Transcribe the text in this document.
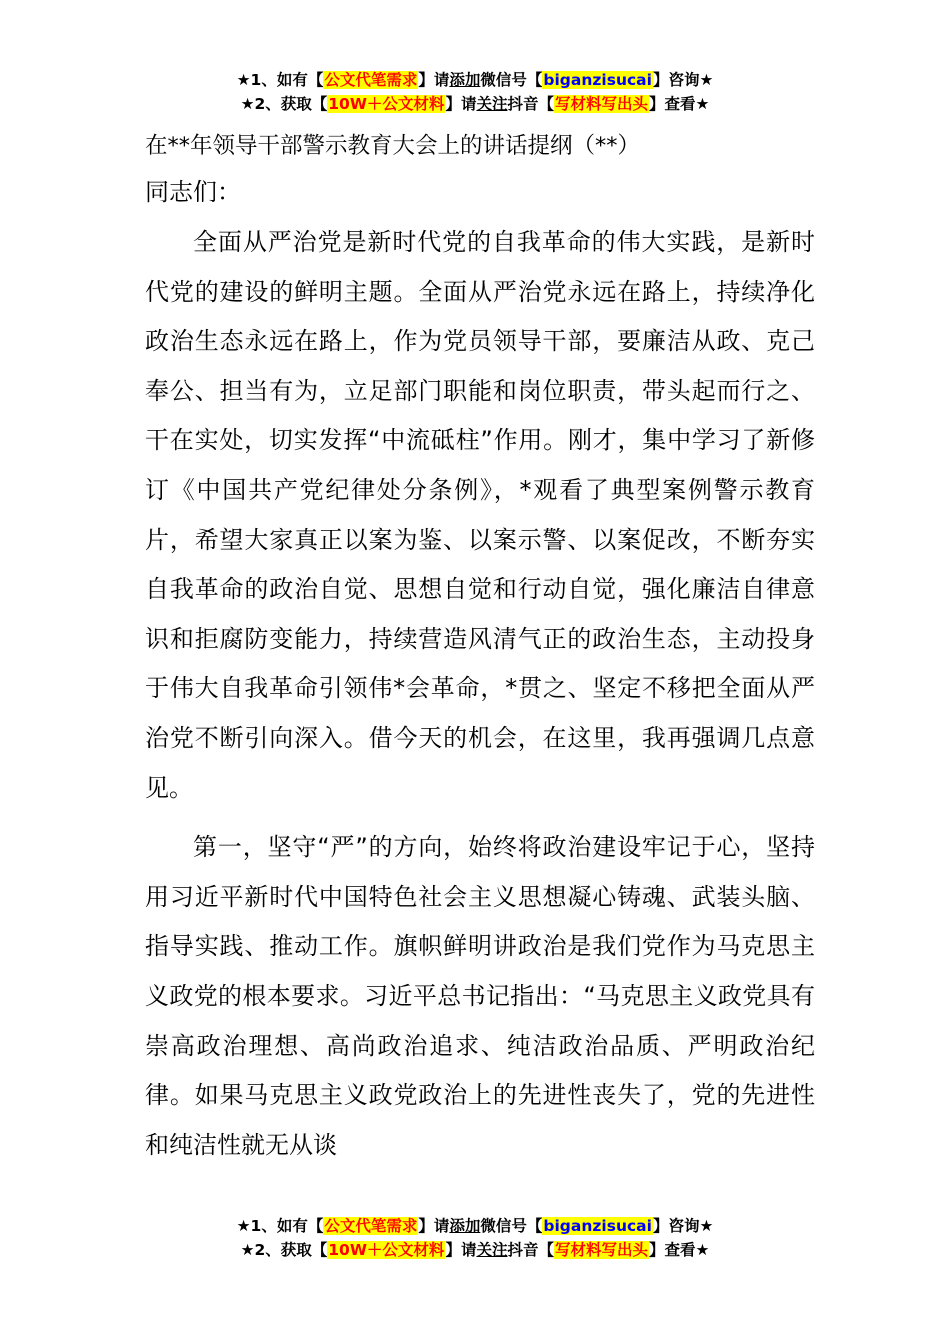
★1、如有【公文代笔需求】请添加微信号【biganzisucai】咨询★
★2、获取【10W＋公文材料】请关注抖音【写材料写出头】查看★
在**年领导干部警示教育大会上的讲话提纲（**）
同志们：

全面从严治党是新时代党的自我革命的伟大实践，是新时代党的建设的鲜明主题。全面从严治党永远在路上，持续净化政治生态永远在路上，作为党员领导干部，要廉洁从政、克己奉公、担当有为，立足部门职能和岗位职责，带头起而行之、干在实处，切实发挥“中流砥柱”作用。刚才，集中学习了新修订《中国共产党纪律处分条例》，*观看了典型案例警示教育片，希望大家真正以案为鉴、以案示警、以案促改，不断夯实自我革命的政治自觉、思想自觉和行动自觉，强化廉洁自律意识和拒腐防变能力，持续营造风清气正的政治生态，主动投身于伟大自我革命引领伟*会革命，*贯之、坚定不移把全面从严治党不断引向深入。借今天的机会，在这里，我再强调几点意见。

第一，坚守“严”的方向，始终将政治建设牢记于心，坚持用习近平新时代中国特色社会主义思想凝心铸魂、武装头脑、指导实践、推动工作。旗帜鲜明讲政治是我们党作为马克思主义政党的根本要求。习近平总书记指出：“马克思主义政党具有崇高政治理想、高尚政治追求、纯洁政治品质、严明政治纪律。如果马克思主义政党政治上的先进性丧失了，党的先进性和纯洁性就无从谈

★1、如有【公文代笔需求】请添加微信号【biganzisucai】咨询★
★2、获取【10W＋公文材料】请关注抖音【写材料写出头】查看★
